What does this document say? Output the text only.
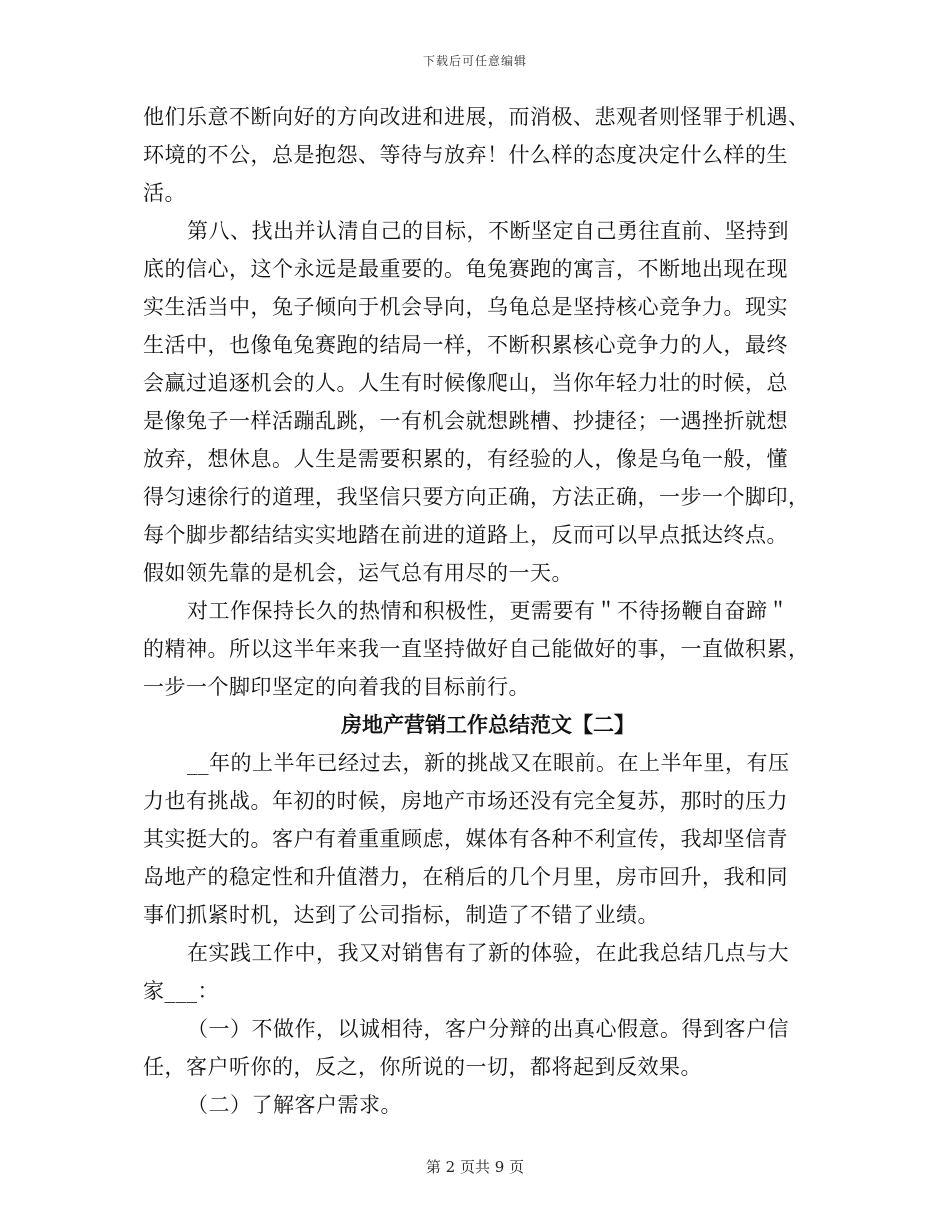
下载后可任意编辑
他们乐意不断向好的方向改进和进展，而消极、悲观者则怪罪于机遇、
环境的不公，总是抱怨、等待与放弃！什么样的态度决定什么样的生
活。
第八、找出并认清自己的目标，不断坚定自己勇往直前、坚持到
底的信心，这个永远是最重要的。龟兔赛跑的寓言，不断地出现在现
实生活当中，兔子倾向于机会导向，乌龟总是坚持核心竞争力。现实
生活中，也像龟兔赛跑的结局一样，不断积累核心竞争力的人，最终
会赢过追逐机会的人。人生有时候像爬山，当你年轻力壮的时候，总
是像兔子一样活蹦乱跳，一有机会就想跳槽、抄捷径；一遇挫折就想
放弃，想休息。人生是需要积累的，有经验的人，像是乌龟一般，懂
得匀速徐行的道理，我坚信只要方向正确，方法正确，一步一个脚印，
每个脚步都结结实实地踏在前进的道路上，反而可以早点抵达终点。
假如领先靠的是机会，运气总有用尽的一天。
对工作保持长久的热情和积极性，更需要有＂不待扬鞭自奋蹄＂
的精神。所以这半年来我一直坚持做好自己能做好的事，一直做积累，
一步一个脚印坚定的向着我的目标前行。
房地产营销工作总结范文【二】
__年的上半年已经过去，新的挑战又在眼前。在上半年里，有压
力也有挑战。年初的时候，房地产市场还没有完全复苏，那时的压力
其实挺大的。客户有着重重顾虑，媒体有各种不利宣传，我却坚信青
岛地产的稳定性和升值潜力，在稍后的几个月里，房市回升，我和同
事们抓紧时机，达到了公司指标，制造了不错了业绩。
在实践工作中，我又对销售有了新的体验，在此我总结几点与大
家___：
（一）不做作，以诚相待，客户分辩的出真心假意。得到客户信
任，客户听你的，反之，你所说的一切，都将起到反效果。
（二）了解客户需求。
第 2 页共 9 页
